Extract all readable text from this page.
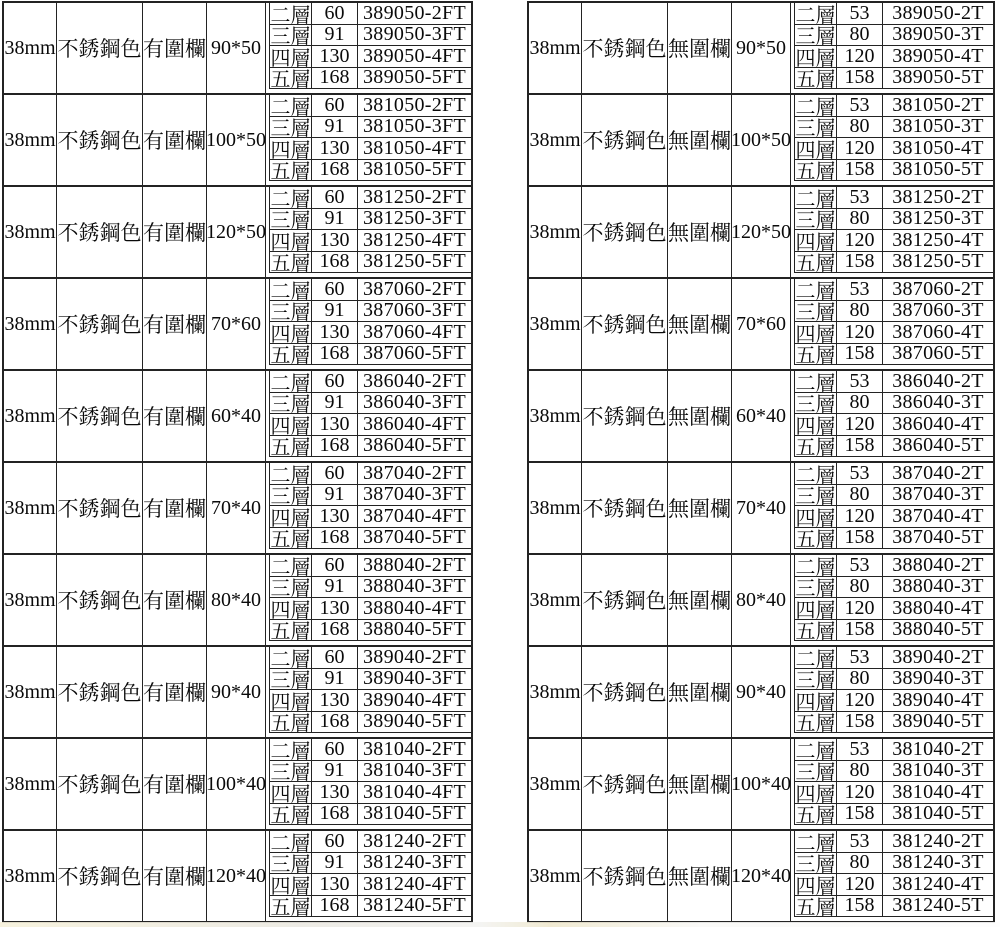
38mm 不銹鋼色 有圍欄 90*50
二層 60 389050-2FT
三層 91 389050-3FT
四層 130 389050-4FT
五層 168 389050-5FT
38mm 不銹鋼色 有圍欄 100*50
二層 60 381050-2FT
三層 91 381050-3FT
四層 130 381050-4FT
五層 168 381050-5FT
38mm 不銹鋼色 有圍欄 120*50
二層 60 381250-2FT
三層 91 381250-3FT
四層 130 381250-4FT
五層 168 381250-5FT
38mm 不銹鋼色 有圍欄 70*60
二層 60 387060-2FT
三層 91 387060-3FT
四層 130 387060-4FT
五層 168 387060-5FT
38mm 不銹鋼色 有圍欄 60*40
二層 60 386040-2FT
三層 91 386040-3FT
四層 130 386040-4FT
五層 168 386040-5FT
38mm 不銹鋼色 有圍欄 70*40
二層 60 387040-2FT
三層 91 387040-3FT
四層 130 387040-4FT
五層 168 387040-5FT
38mm 不銹鋼色 有圍欄 80*40
二層 60 388040-2FT
三層 91 388040-3FT
四層 130 388040-4FT
五層 168 388040-5FT
38mm 不銹鋼色 有圍欄 90*40
二層 60 389040-2FT
三層 91 389040-3FT
四層 130 389040-4FT
五層 168 389040-5FT
38mm 不銹鋼色 有圍欄 100*40
二層 60 381040-2FT
三層 91 381040-3FT
四層 130 381040-4FT
五層 168 381040-5FT
38mm 不銹鋼色 有圍欄 120*40
二層 60 381240-2FT
三層 91 381240-3FT
四層 130 381240-4FT
五層 168 381240-5FT
38mm 不銹鋼色 無圍欄 90*50
二層 53	389050-2T
三層 80	389050-3T
四層 120 389050-4T
五層 158 389050-5T
38mm 不銹鋼色 無圍欄 100*50
二層 53	381050-2T
三層 80	381050-3T
四層 120 381050-4T
五層 158 381050-5T
38mm 不銹鋼色 無圍欄 120*50
二層 53	381250-2T
三層 80	381250-3T
四層 120 381250-4T
五層 158 381250-5T
38mm 不銹鋼色 無圍欄 70*60
二層 53	387060-2T
三層 80	387060-3T
四層 120 387060-4T
五層 158 387060-5T
38mm 不銹鋼色 無圍欄 60*40
二層 53	386040-2T
三層 80	386040-3T
四層 120 386040-4T
五層 158 386040-5T
38mm 不銹鋼色 無圍欄 70*40
二層 53	387040-2T
三層 80	387040-3T
四層 120 387040-4T
五層 158 387040-5T
38mm 不銹鋼色 無圍欄 80*40
二層 53	388040-2T
三層 80	388040-3T
四層 120 388040-4T
五層 158 388040-5T
38mm 不銹鋼色 無圍欄 90*40
二層 53	389040-2T
三層 80	389040-3T
四層 120 389040-4T
五層 158 389040-5T
38mm 不銹鋼色 無圍欄 100*40
二層 53	381040-2T
三層 80	381040-3T
四層 120 381040-4T
五層 158 381040-5T
38mm 不銹鋼色 無圍欄 120*40
二層 53	381240-2T
三層 80	381240-3T
四層 120 381240-4T
五層 158 381240-5T
